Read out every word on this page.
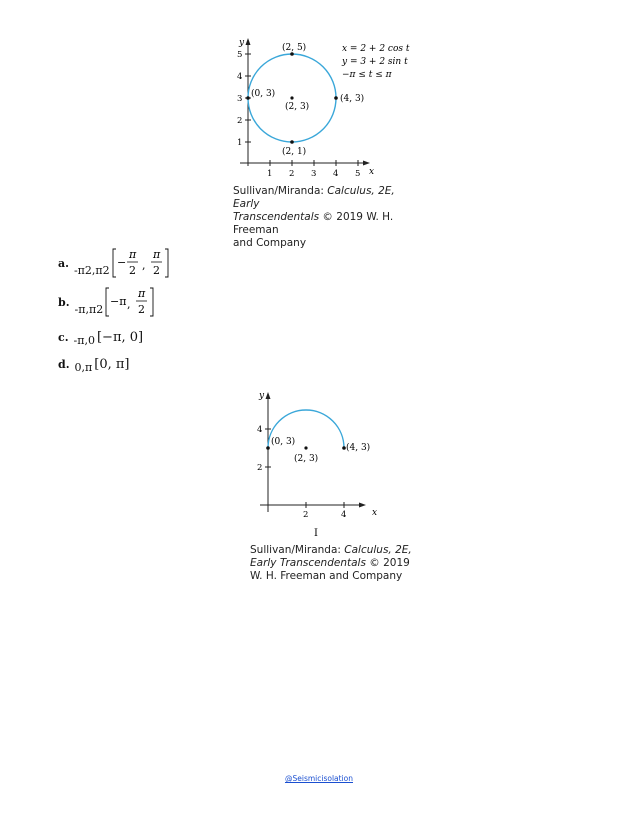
y
x
1
2
3
4
5
1 2 3 4 5
(2, 5)
(0, 3)
(2, 3)
(4, 3)
(2, 1)
x = 2 + 2 cos t
y = 3 + 2 sin t
−π ≤ t ≤ π
Sullivan/Miranda: Calculus, 2E, Early
Transcendentals © 2019 W. H. Freeman
and Company
a.
-π2,π2
−
π
2 ,
π
2
b.
-π,π2
−π ,
π
2
c. -π,0 [−π, 0]
d. 0,π [0, π]
y
x
2
4
2	4
(0, 3)
(2, 3)
(4, 3)
I
Sullivan/Miranda: Calculus, 2E,
Early Transcendentals © 2019
W. H. Freeman and Company
@Seismicisolation
